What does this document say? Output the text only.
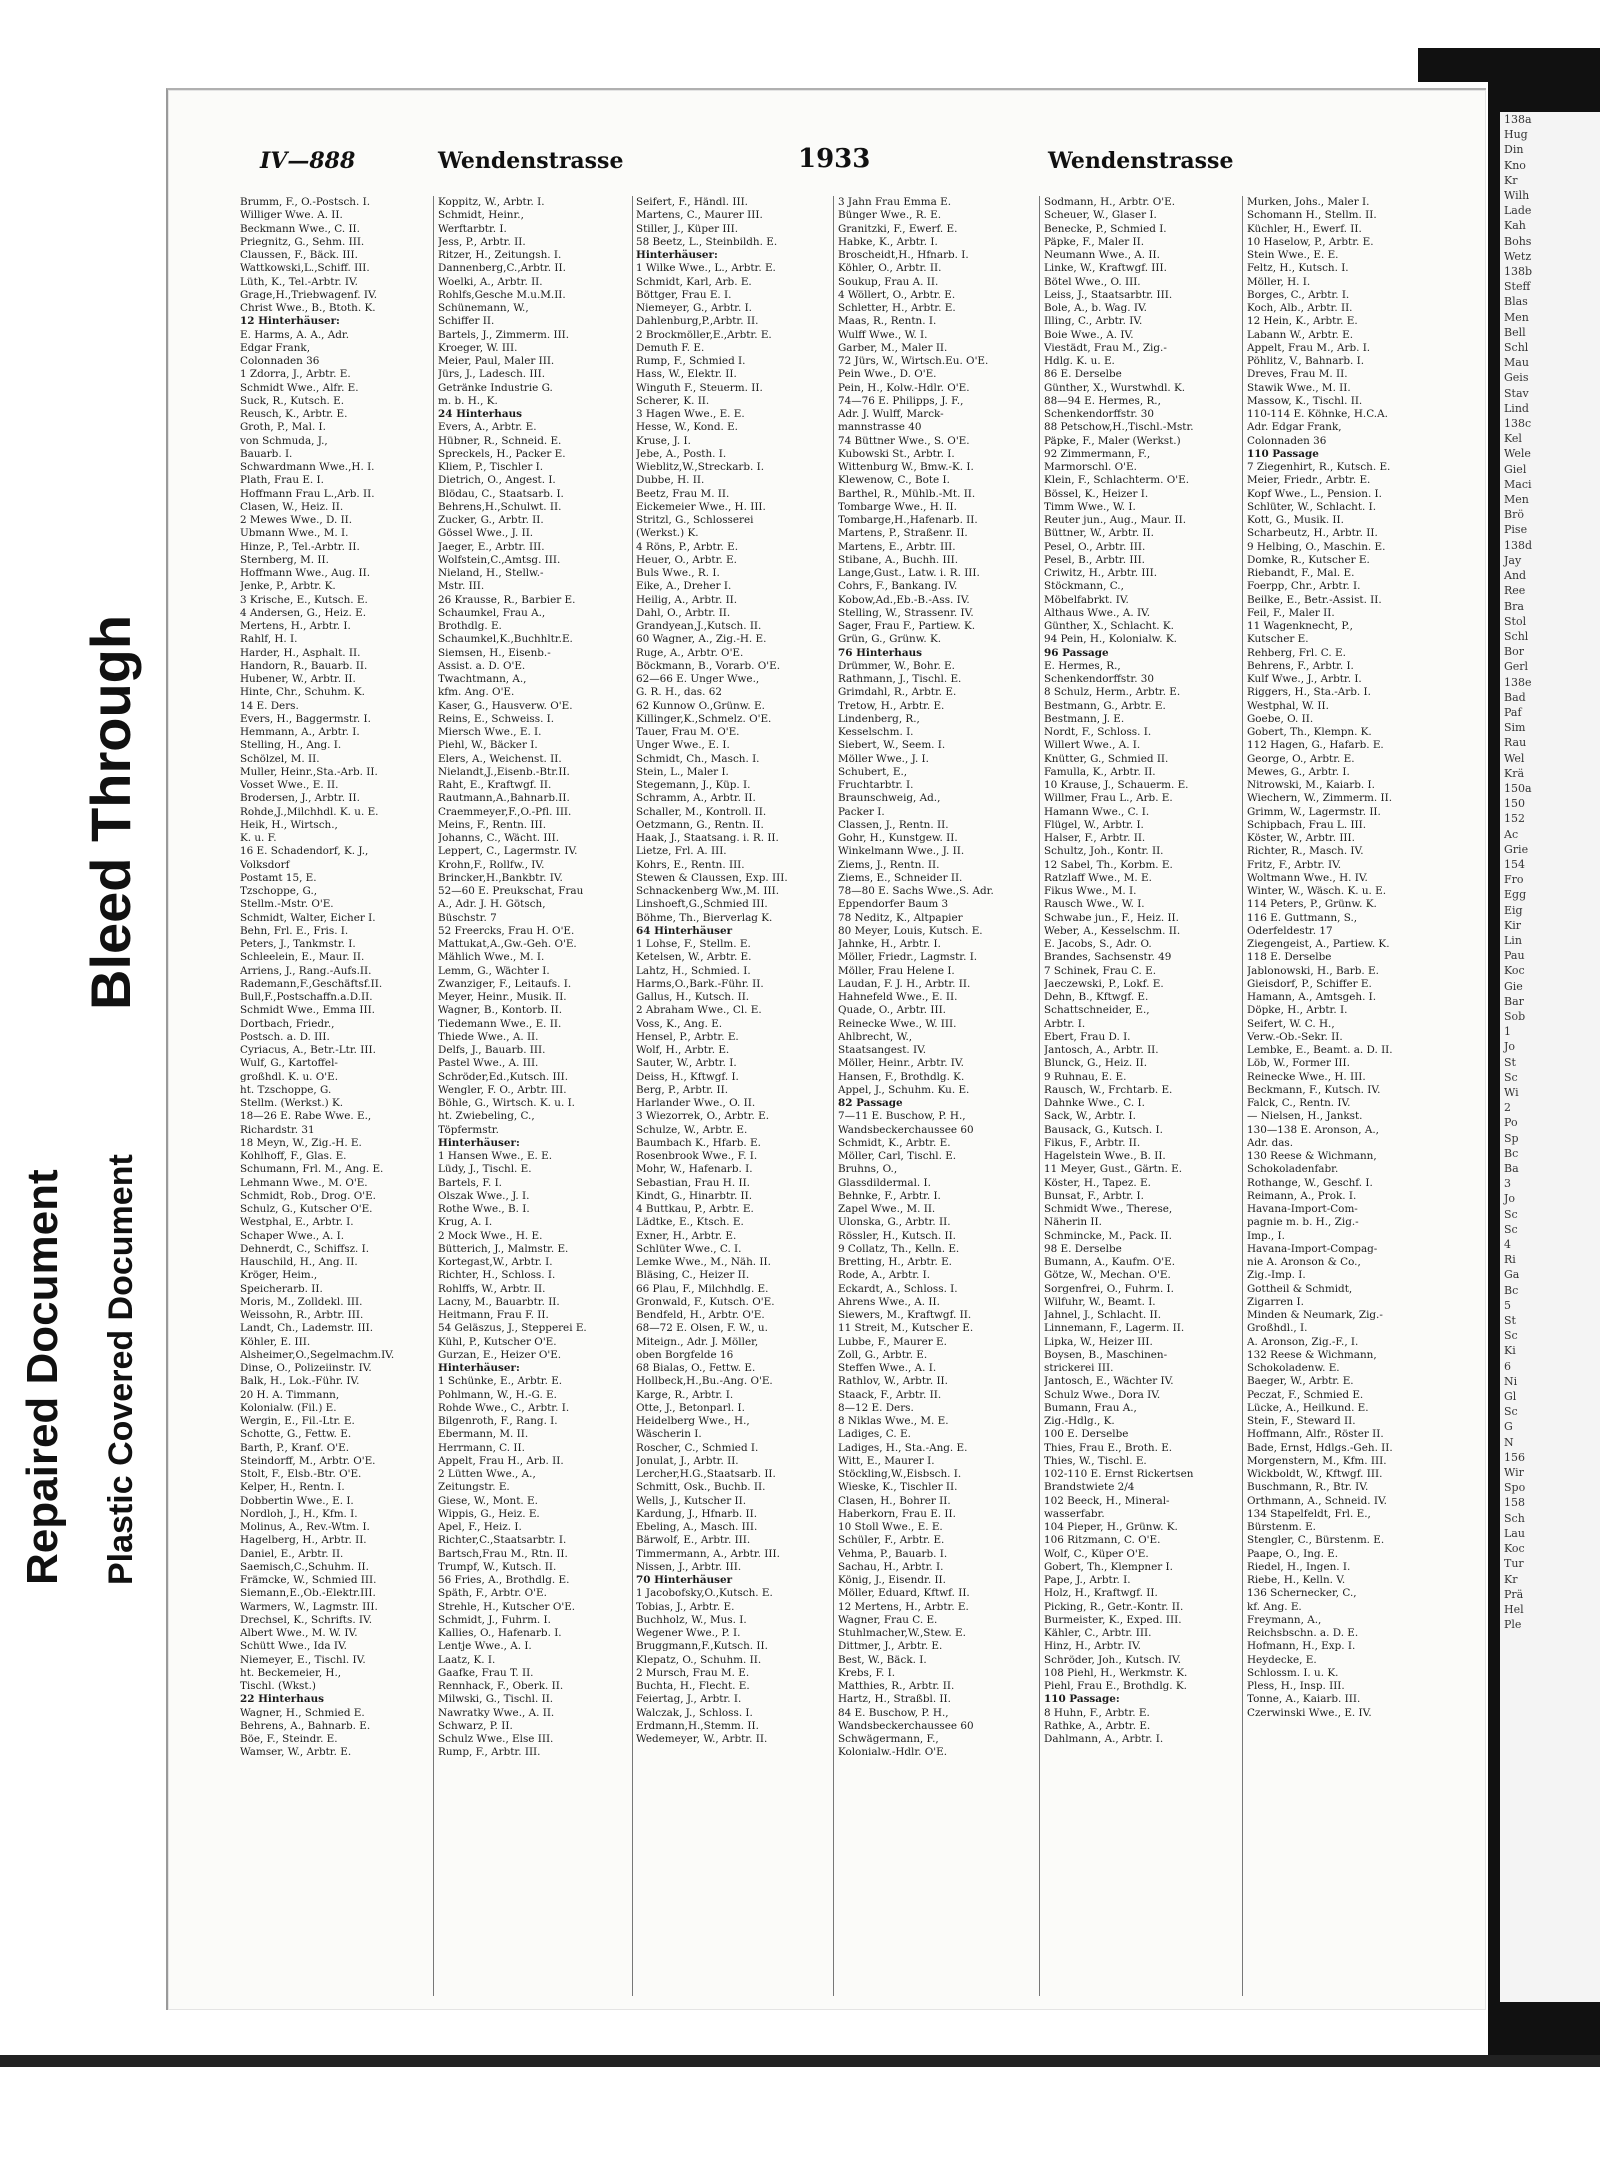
138a
Hug
Din
Kno
Kr
Wilh
Lade
Kah
Bohs
Wetz
138b
Steff
Blas
Men
Bell
Schl
Mau
Geis
Stav
Lind
138c
Kel
Wele
Giel
Maci
Men
Brö
Pise
138d
Jay
And
Ree
Bra
Stol
Schl
Bor
Gerl
138e
Bad
Paf
Sim
Rau
Wel
Krä
150a
150
152
Ac
Grie
154
Fro
Egg
Eig
Kir
Lin
Pau
Koc
Gie
Bar
Sob
1
Jo
St
Sc
Wi
2
Po
Sp
Bc
Ba
3
Jo
Sc
Sc
4
Ri
Ga
Bc
5
St
Sc
Ki
6
Ni
Gl
Sc
G
N
156
Wir
Spo
158
Sch
Lau
Koc
Tur
Kr
Prä
Hel
Ple
Bleed Through
Repaired Document Plastic Covered Document
IV—888	Wendenstrasse	1933	Wendenstrasse
Brumm, F., O.-Postsch. I.
Williger Wwe. A. II.
Beckmann Wwe., C. II.
Priegnitz, G., Sehm. III.
Claussen, F., Bäck. III.
Wattkowski,L.,Schiff. III.
Lüth, K., Tel.-Arbtr. IV.
Grage,H.,Triebwagenf. IV.
Christ Wwe., B., Btoth. K.
12 Hinterhäuser:
E. Harms, A. A., Adr.
Edgar Frank,
Colonnaden 36
1 Zdorra, J., Arbtr. E.
Schmidt Wwe., Alfr. E.
Suck, R., Kutsch. E.
Reusch, K., Arbtr. E.
Groth, P., Mal. I.
von Schmuda, J.,
Bauarb. I.
Schwardmann Wwe.,H. I.
Plath, Frau E. I.
Hoffmann Frau L.,Arb. II.
Clasen, W., Heiz. II.
2 Mewes Wwe., D. II.
Ubmann Wwe., M. I.
Hinze, P., Tel.-Arbtr. II.
Sternberg, M. II.
Hoffmann Wwe., Aug. II.
Jenke, P., Arbtr. K.
3 Krische, E., Kutsch. E.
4 Andersen, G., Heiz. E.
Mertens, H., Arbtr. I.
Rahlf, H. I.
Harder, H., Asphalt. II.
Handorn, R., Bauarb. II.
Hubener, W., Arbtr. II.
Hinte, Chr., Schuhm. K.
14 E. Ders.
Evers, H., Baggermstr. I.
Hemmann, A., Arbtr. I.
Stelling, H., Ang. I.
Schölzel, M. II.
Muller, Heinr.,Sta.-Arb. II.
Vosset Wwe., E. II.
Brodersen, J., Arbtr. II.
Rohde,J.,Milchhdl. K. u. E.
Heik, H., Wirtsch.,
K. u. F.
16 E. Schadendorf, K. J.,
Volksdorf
Postamt 15, E.
Tzschoppe, G.,
Stellm.-Mstr. O'E.
Schmidt, Walter, Eicher I.
Behn, Frl. E., Fris. I.
Peters, J., Tankmstr. I.
Schleelein, E., Maur. II.
Arriens, J., Rang.-Aufs.II.
Rademann,F.,Geschäftsf.II.
Bull,F.,Postschaffn.a.D.II.
Schmidt Wwe., Emma III.
Dortbach, Friedr.,
Postsch. a. D. III.
Cyriacus, A., Betr.-Ltr. III.
Wulf, G., Kartoffel-
großhdl. K. u. O'E.
ht. Tzschoppe, G.
Stellm. (Werkst.) K.
18—26 E. Rabe Wwe. E.,
Richardstr. 31
18 Meyn, W., Zig.-H. E.
Kohlhoff, F., Glas. E.
Schumann, Frl. M., Ang. E.
Lehmann Wwe., M. O'E.
Schmidt, Rob., Drog. O'E.
Schulz, G., Kutscher O'E.
Westphal, E., Arbtr. I.
Schaper Wwe., A. I.
Dehnerdt, C., Schiffsz. I.
Hauschild, H., Ang. II.
Kröger, Heim.,
Speicherarb. II.
Moris, M., Zolldekl. III.
Weissohn, R., Arbtr. III.
Landt, Ch., Lademstr. III.
Köhler, E. III.
Alsheimer,O.,Segelmachm.IV.
Dinse, O., Polizeiinstr. IV.
Balk, H., Lok.-Führ. IV.
20 H. A. Timmann,
Kolonialw. (Fil.) E.
Wergin, E., Fil.-Ltr. E.
Schotte, G., Fettw. E.
Barth, P., Kranf. O'E.
Steindorff, M., Arbtr. O'E.
Stolt, F., Elsb.-Btr. O'E.
Kelper, H., Rentn. I.
Dobbertin Wwe., E. I.
Nordloh, J., H., Kfm. I.
Molinus, A., Rev.-Wtm. I.
Hagelberg, H., Arbtr. II.
Daniel, E., Arbtr. II.
Saemisch,C.,Schuhm. II.
Främcke, W., Schmied III.
Siemann,E.,Ob.-Elektr.III.
Warmers, W., Lagmstr. III.
Drechsel, K., Schrifts. IV.
Albert Wwe., M. W. IV.
Schütt Wwe., Ida IV.
Niemeyer, E., Tischl. IV.
ht. Beckemeier, H.,
Tischl. (Wkst.)
22 Hinterhaus
Wagner, H., Schmied E.
Behrens, A., Bahnarb. E.
Böe, F., Steindr. E.
Wamser, W., Arbtr. E.
Koppitz, W., Arbtr. I.
Schmidt, Heinr.,
Werftarbtr. I.
Jess, P., Arbtr. II.
Ritzer, H., Zeitungsh. I.
Dannenberg,C.,Arbtr. II.
Woelki, A., Arbtr. II.
Rohlfs,Gesche M.u.M.II.
Schünemann, W.,
Schiffer II.
Bartels, J., Zimmerm. III.
Kroeger, W. III.
Meier, Paul, Maler III.
Jürs, J., Ladesch. III.
Getränke Industrie G.
m. b. H., K.
24 Hinterhaus
Evers, A., Arbtr. E.
Hübner, R., Schneid. E.
Spreckels, H., Packer E.
Kliem, P., Tischler I.
Dietrich, O., Angest. I.
Blödau, C., Staatsarb. I.
Behrens,H.,Schulwt. II.
Zucker, G., Arbtr. II.
Gössel Wwe., J. II.
Jaeger, E., Arbtr. III.
Wolfstein,C.,Amtsg. III.
Nieland, H., Stellw.-
Mstr. III.
26 Krausse, R., Barbier E.
Schaumkel, Frau A.,
Brothdlg. E.
Schaumkel,K.,Buchhltr.E.
Siemsen, H., Eisenb.-
Assist. a. D. O'E.
Twachtmann, A.,
kfm. Ang. O'E.
Kaser, G., Hausverw. O'E.
Reins, E., Schweiss. I.
Miersch Wwe., E. I.
Piehl, W., Bäcker I.
Elers, A., Weichenst. II.
Nielandt,J.,Eisenb.-Btr.II.
Raht, E., Kraftwgf. II.
Rautmann,A.,Bahnarb.II.
Craemmeyer,F.,O.-Pfl. III.
Meins, F., Rentn. III.
Johanns, C., Wächt. III.
Leppert, C., Lagermstr. IV.
Krohn,F., Rollfw., IV.
Brincker,H.,Bankbtr. IV.
52—60 E. Preukschat, Frau
A., Adr. J. H. Götsch,
Büschstr. 7
52 Freercks, Frau H. O'E.
Mattukat,A.,Gw.-Geh. O'E.
Mählich Wwe., M. I.
Lemm, G., Wächter I.
Zwanziger, F., Leitaufs. I.
Meyer, Heinr., Musik. II.
Wagner, B., Kontorb. II.
Tiedemann Wwe., E. II.
Thiede Wwe., A. II.
Delfs, J., Bauarb. III.
Pastel Wwe., A. III.
Schröder,Ed.,Kutsch. III.
Wengler, F. O., Arbtr. III.
Böhle, G., Wirtsch. K. u. I.
ht. Zwiebeling, C.,
Töpfermstr.
Hinterhäuser:
1 Hansen Wwe., E. E.
Lüdy, J., Tischl. E.
Bartels, F. I.
Olszak Wwe., J. I.
Rothe Wwe., B. I.
Krug, A. I.
2 Mock Wwe., H. E.
Bütterich, J., Malmstr. E.
Kortegast,W., Arbtr. I.
Richter, H., Schloss. I.
Rohlffs, W., Arbtr. II.
Lacny, M., Bauarbtr. II.
Heitmann, Frau F. II.
54 Geläszus, J., Stepperei E.
Kühl, P., Kutscher O'E.
Gurzan, E., Heizer O'E.
Hinterhäuser:
1 Schünke, E., Arbtr. E.
Pohlmann, W., H.-G. E.
Rohde Wwe., C., Arbtr. I.
Bilgenroth, F., Rang. I.
Ebermann, M. II.
Herrmann, C. II.
Appelt, Frau H., Arb. II.
2 Lütten Wwe., A.,
Zeitungstr. E.
Giese, W., Mont. E.
Wippis, G., Heiz. E.
Apel, F., Heiz. I.
Richter,C.,Staatsarbtr. I.
Bartsch,Frau M., Rtn. II.
Trumpf, W., Kutsch. II.
56 Fries, A., Brothdlg. E.
Späth, F., Arbtr. O'E.
Strehle, H., Kutscher O'E.
Schmidt, J., Fuhrm. I.
Kallies, O., Hafenarb. I.
Lentje Wwe., A. I.
Laatz, K. I.
Gaafke, Frau T. II.
Rennhack, F., Oberk. II.
Milwski, G., Tischl. II.
Nawratky Wwe., A. II.
Schwarz, P. II.
Schulz Wwe., Else III.
Rump, F., Arbtr. III.
Seifert, F., Händl. III.
Martens, C., Maurer III.
Stiller, J., Küper III.
58 Beetz, L., Steinbildh. E.
Hinterhäuser:
1 Wilke Wwe., L., Arbtr. E.
Schmidt, Karl, Arb. E.
Böttger, Frau E. I.
Niemeyer, G., Arbtr. I.
Dahlenburg,P.,Arbtr. II.
2 Brockmöller,E.,Arbtr. E.
Demuth F. E.
Rump, F., Schmied I.
Hass, W., Elektr. II.
Winguth F., Steuerm. II.
Scherer, K. II.
3 Hagen Wwe., E. E.
Hesse, W., Kond. E.
Kruse, J. I.
Jebe, A., Posth. I.
Wieblitz,W.,Streckarb. I.
Dubbe, H. II.
Beetz, Frau M. II.
Eickemeier Wwe., H. III.
Stritzl, G., Schlosserei
(Werkst.) K.
4 Röns, P., Arbtr. E.
Heuer, O., Arbtr. E.
Buls Wwe., R. I.
Eike, A., Dreher I.
Heilig, A., Arbtr. II.
Dahl, O., Arbtr. II.
Grandyean,J.,Kutsch. II.
60 Wagner, A., Zig.-H. E.
Ruge, A., Arbtr. O'E.
Böckmann, B., Vorarb. O'E.
62—66 E. Unger Wwe.,
G. R. H., das. 62
62 Kunnow O.,Grünw. E.
Killinger,K.,Schmelz. O'E.
Tauer, Frau M. O'E.
Unger Wwe., E. I.
Schmidt, Ch., Masch. I.
Stein, L., Maler I.
Stegemann, J., Küp. I.
Schramm, A., Arbtr. II.
Schaller, M., Kontroll. II.
Oetzmann, G., Rentn. II.
Haak, J., Staatsang. i. R. II.
Lietze, Frl. A. III.
Kohrs, E., Rentn. III.
Stewen & Claussen, Exp. III.
Schnackenberg Ww.,M. III.
Linshoeft,G.,Schmied III.
Böhme, Th., Bierverlag K.
64 Hinterhäuser
1 Lohse, F., Stellm. E.
Ketelsen, W., Arbtr. E.
Lahtz, H., Schmied. I.
Harms,O.,Bark.-Führ. II.
Gallus, H., Kutsch. II.
2 Abraham Wwe., Cl. E.
Voss, K., Ang. E.
Hensel, P., Arbtr. E.
Wolf, H., Arbtr. E.
Sauter, W., Arbtr. I.
Deiss, H., Kftwgf. I.
Berg, P., Arbtr. II.
Harlander Wwe., O. II.
3 Wiezorrek, O., Arbtr. E.
Schulze, W., Arbtr. E.
Baumbach K., Hfarb. E.
Rosenbrook Wwe., F. I.
Mohr, W., Hafenarb. I.
Sebastian, Frau H. II.
Kindt, G., Hinarbtr. II.
4 Buttkau, P., Arbtr. E.
Lädtke, E., Ktsch. E.
Exner, H., Arbtr. E.
Schlüter Wwe., C. I.
Lemke Wwe., M., Näh. II.
Bläsing, C., Heizer II.
66 Plau, F., Milchhdlg. E.
Gronwald, F., Kutsch. O'E.
Bendfeld, H., Arbtr. O'E.
68—72 E. Olsen, F. W., u.
Miteign., Adr. J. Möller,
oben Borgfelde 16
68 Bialas, O., Fettw. E.
Hollbeck,H.,Bu.-Ang. O'E.
Karge, R., Arbtr. I.
Otte, J., Betonparl. I.
Heidelberg Wwe., H.,
Wäscherin I.
Roscher, C., Schmied I.
Jonulat, J., Arbtr. II.
Lercher,H.G.,Staatsarb. II.
Schmitt, Osk., Buchb. II.
Wells, J., Kutscher II.
Kardung, J., Hfnarb. II.
Ebeling, A., Masch. III.
Bärwolf, E., Arbtr. III.
Timmermann, A., Arbtr. III.
Nissen, J., Arbtr. III.
70 Hinterhäuser
1 Jacobofsky,O.,Kutsch. E.
Tobias, J., Arbtr. E.
Buchholz, W., Mus. I.
Wegener Wwe., P. I.
Bruggmann,F.,Kutsch. II.
Klepatz, O., Schuhm. II.
2 Mursch, Frau M. E.
Buchta, H., Flecht. E.
Feiertag, J., Arbtr. I.
Walczak, J., Schloss. I.
Erdmann,H.,Stemm. II.
Wedemeyer, W., Arbtr. II.
3 Jahn Frau Emma E.
Bünger Wwe., R. E.
Granitzki, F., Ewerf. E.
Habke, K., Arbtr. I.
Broscheidt,H., Hfnarb. I.
Köhler, O., Arbtr. II.
Soukup, Frau A. II.
4 Wöllert, O., Arbtr. E.
Schletter, H., Arbtr. E.
Maas, R., Rentn. I.
Wulff Wwe., W. I.
Garber, M., Maler II.
72 Jürs, W., Wirtsch.Eu. O'E.
Pein Wwe., D. O'E.
Pein, H., Kolw.-Hdlr. O'E.
74—76 E. Philipps, J. F.,
Adr. J. Wulff, Marck-
mannstrasse 40
74 Büttner Wwe., S. O'E.
Kubowski St., Arbtr. I.
Wittenburg W., Bmw.-K. I.
Klewenow, C., Bote I.
Barthel, R., Mühlb.-Mt. II.
Tombarge Wwe., H. II.
Tombarge,H.,Hafenarb. II.
Martens, P., Straßenr. II.
Martens, E., Arbtr. III.
Stibane, A., Buchh. III.
Lange,Gust., Latw. i. R. III.
Cohrs, F., Bankang. IV.
Kobow,Ad.,Eb.-B.-Ass. IV.
Stelling, W., Strassenr. IV.
Sager, Frau F., Partiew. K.
Grün, G., Grünw. K.
76 Hinterhaus
Drümmer, W., Bohr. E.
Rathmann, J., Tischl. E.
Grimdahl, R., Arbtr. E.
Tretow, H., Arbtr. E.
Lindenberg, R.,
Kesselschm. I.
Siebert, W., Seem. I.
Möller Wwe., J. I.
Schubert, E.,
Fruchtarbtr. I.
Braunschweig, Ad.,
Packer I.
Classen, J., Rentn. II.
Gohr, H., Kunstgew. II.
Winkelmann Wwe., J. II.
Ziems, J., Rentn. II.
Ziems, E., Schneider II.
78—80 E. Sachs Wwe.,S. Adr.
Eppendorfer Baum 3
78 Neditz, K., Altpapier
80 Meyer, Louis, Kutsch. E.
Jahnke, H., Arbtr. I.
Möller, Friedr., Lagmstr. I.
Möller, Frau Helene I.
Laudan, F. J. H., Arbtr. II.
Hahnefeld Wwe., E. II.
Quade, O., Arbtr. III.
Reinecke Wwe., W. III.
Ahlbrecht, W.,
Staatsangest. IV.
Möller, Heinr., Arbtr. IV.
Hansen, F., Brothdlg. K.
Appel, J., Schuhm. Ku. E.
82 Passage
7—11 E. Buschow, P. H.,
Wandsbeckerchaussee 60
Schmidt, K., Arbtr. E.
Möller, Carl, Tischl. E.
Bruhns, O.,
Glassdildermal. I.
Behnke, F., Arbtr. I.
Zapel Wwe., M. II.
Ulonska, G., Arbtr. II.
Rössler, H., Kutsch. II.
9 Collatz, Th., Kelln. E.
Bretting, H., Arbtr. E.
Rode, A., Arbtr. I.
Eckardt, A., Schloss. I.
Ahrens Wwe., A. II.
Siewers, M., Kraftwgf. II.
11 Streit, M., Kutscher E.
Lubbe, F., Maurer E.
Zoll, G., Arbtr. E.
Steffen Wwe., A. I.
Rathlov, W., Arbtr. II.
Staack, F., Arbtr. II.
8—12 E. Ders.
8 Niklas Wwe., M. E.
Ladiges, C. E.
Ladiges, H., Sta.-Ang. E.
Witt, E., Maurer I.
Stöckling,W.,Eisbsch. I.
Wieske, K., Tischler II.
Clasen, H., Bohrer II.
Haberkorn, Frau E. II.
10 Stoll Wwe., E. E.
Schüler, F., Arbtr. E.
Vehma, P., Bauarb. I.
Sachau, H., Arbtr. I.
König, J., Eisendr. II.
Möller, Eduard, Kftwf. II.
12 Mertens, H., Arbtr. E.
Wagner, Frau C. E.
Stuhlmacher,W.,Stew. E.
Dittmer, J., Arbtr. E.
Best, W., Bäck. I.
Krebs, F. I.
Matthies, R., Arbtr. II.
Hartz, H., Straßbl. II.
84 E. Buschow, P. H.,
Wandsbeckerchaussee 60
Schwägermann, F.,
Kolonialw.-Hdlr. O'E.
Sodmann, H., Arbtr. O'E.
Scheuer, W., Glaser I.
Benecke, P., Schmied I.
Päpke, F., Maler II.
Neumann Wwe., A. II.
Linke, W., Kraftwgf. III.
Bötel Wwe., O. III.
Leiss, J., Staatsarbtr. III.
Bole, A., b. Wag. IV.
Illing, C., Arbtr. IV.
Boie Wwe., A. IV.
Viestädt, Frau M., Zig.-
Hdlg. K. u. E.
86 E. Derselbe
Günther, X., Wurstwhdl. K.
88—94 E. Hermes, R.,
Schenkendorffstr. 30
88 Petschow,H.,Tischl.-Mstr.
Päpke, F., Maler (Werkst.)
92 Zimmermann, F.,
Marmorschl. O'E.
Klein, F., Schlachterm. O'E.
Bössel, K., Heizer I.
Timm Wwe., W. I.
Reuter jun., Aug., Maur. II.
Büttner, W., Arbtr. II.
Pesel, O., Arbtr. III.
Pesel, B., Arbtr. III.
Criwitz, H., Arbtr. III.
Stöckmann, C.,
Möbelfabrkt. IV.
Althaus Wwe., A. IV.
Günther, X., Schlacht. K.
94 Pein, H., Kolonialw. K.
96 Passage
E. Hermes, R.,
Schenkendorffstr. 30
8 Schulz, Herm., Arbtr. E.
Bestmann, G., Arbtr. E.
Bestmann, J. E.
Nordt, F., Schloss. I.
Willert Wwe., A. I.
Knütter, G., Schmied II.
Famulla, K., Arbtr. II.
10 Krause, J., Schauerm. E.
Willmer, Frau L., Arb. E.
Hamann Wwe., C. I.
Flügel, W., Arbtr. I.
Halser, F., Arbtr. II.
Schultz, Joh., Kontr. II.
12 Sabel, Th., Korbm. E.
Ratzlaff Wwe., M. E.
Fikus Wwe., M. I.
Rausch Wwe., W. I.
Schwabe jun., F., Heiz. II.
Weber, A., Kesselschm. II.
E. Jacobs, S., Adr. O.
Brandes, Sachsenstr. 49
7 Schinek, Frau C. E.
Jaeczewski, P., Lokf. E.
Dehn, B., Kftwgf. E.
Schattschneider, E.,
Arbtr. I.
Ebert, Frau D. I.
Jantosch, A., Arbtr. II.
Blunck, G., Heiz. II.
9 Ruhnau, E. E.
Rausch, W., Frchtarb. E.
Dahnke Wwe., C. I.
Sack, W., Arbtr. I.
Bausack, G., Kutsch. I.
Fikus, F., Arbtr. II.
Hagelstein Wwe., B. II.
11 Meyer, Gust., Gärtn. E.
Köster, H., Tapez. E.
Bunsat, F., Arbtr. I.
Schmidt Wwe., Therese,
Näherin II.
Schmincke, M., Pack. II.
98 E. Derselbe
Bumann, A., Kaufm. O'E.
Götze, W., Mechan. O'E.
Sorgenfrei, O., Fuhrm. I.
Wilfuhr, W., Beamt. I.
Jahnel, J., Schlacht. II.
Linnemann, F., Lagerm. II.
Lipka, W., Heizer III.
Boysen, B., Maschinen-
strickerei III.
Jantosch, E., Wächter IV.
Schulz Wwe., Dora IV.
Bumann, Frau A.,
Zig.-Hdlg., K.
100 E. Derselbe
Thies, Frau E., Broth. E.
Thies, W., Tischl. E.
102-110 E. Ernst Rickertsen
Brandstwiete 2/4
102 Beeck, H., Mineral-
wasserfabr.
104 Pieper, H., Grünw. K.
106 Ritzmann, C. O'E.
Wolf, C., Küper O'E.
Gobert, Th., Klempner I.
Pape, J., Arbtr. I.
Holz, H., Kraftwgf. II.
Picking, R., Getr.-Kontr. II.
Burmeister, K., Exped. III.
Kähler, C., Arbtr. III.
Hinz, H., Arbtr. IV.
Schröder, Joh., Kutsch. IV.
108 Piehl, H., Werkmstr. K.
Piehl, Frau E., Brothdlg. K.
110 Passage:
8 Huhn, F., Arbtr. E.
Rathke, A., Arbtr. E.
Dahlmann, A., Arbtr. I.
Murken, Johs., Maler I.
Schomann H., Stellm. II.
Küchler, H., Ewerf. II.
10 Haselow, P., Arbtr. E.
Stein Wwe., E. E.
Feltz, H., Kutsch. I.
Möller, H. I.
Borges, C., Arbtr. I.
Koch, Alb., Arbtr. II.
12 Hein, K., Arbtr. E.
Labann W., Arbtr. E.
Appelt, Frau M., Arb. I.
Pöhlitz, V., Bahnarb. I.
Dreves, Frau M. II.
Stawik Wwe., M. II.
Massow, K., Tischl. II.
110-114 E. Köhnke, H.C.A.
Adr. Edgar Frank,
Colonnaden 36
110 Passage
7 Ziegenhirt, R., Kutsch. E.
Meier, Friedr., Arbtr. E.
Kopf Wwe., L., Pension. I.
Schlüter, W., Schlacht. I.
Kott, G., Musik. II.
Scharbeutz, H., Arbtr. II.
9 Helbing, O., Maschin. E.
Domke, R., Kutscher E.
Riebandt, F., Mal. E.
Foerpp, Chr., Arbtr. I.
Beilke, E., Betr.-Assist. II.
Feil, F., Maler II.
11 Wagenknecht, P.,
Kutscher E.
Rehberg, Frl. C. E.
Behrens, F., Arbtr. I.
Kulf Wwe., J., Arbtr. I.
Riggers, H., Sta.-Arb. I.
Westphal, W. II.
Goebe, O. II.
Gobert, Th., Klempn. K.
112 Hagen, G., Hafarb. E.
George, O., Arbtr. E.
Mewes, G., Arbtr. I.
Nitrowski, M., Kaiarb. I.
Wiechern, W., Zimmerm. II.
Grimm, W., Lagermstr. II.
Schipbach, Frau L. III.
Köster, W., Arbtr. III.
Richter, R., Masch. IV.
Fritz, F., Arbtr. IV.
Woltmann Wwe., H. IV.
Winter, W., Wäsch. K. u. E.
114 Peters, P., Grünw. K.
116 E. Guttmann, S.,
Oderfeldestr. 17
Ziegengeist, A., Partiew. K.
118 E. Derselbe
Jablonowski, H., Barb. E.
Gieisdorf, P., Schiffer E.
Hamann, A., Amtsgeh. I.
Döpke, H., Arbtr. I.
Seifert, W. C. H.,
Verw.-Ob.-Sekr. II.
Lembke, E., Beamt. a. D. II.
Löb, W., Former III.
Reinecke Wwe., H. III.
Beckmann, F., Kutsch. IV.
Falck, C., Rentn. IV.
— Nielsen, H., Jankst.
130—138 E. Aronson, A.,
Adr. das.
130 Reese & Wichmann,
Schokoladenfabr.
Rothange, W., Geschf. I.
Reimann, A., Prok. I.
Havana-Import-Com-
pagnie m. b. H., Zig.-
Imp., I.
Havana-Import-Compag-
nie A. Aronson & Co.,
Zig.-Imp. I.
Gottheil & Schmidt,
Zigarren I.
Minden & Neumark, Zig.-
Großhdl., I.
A. Aronson, Zig.-F., I.
132 Reese & Wichmann,
Schokoladenw. E.
Baeger, W., Arbtr. E.
Peczat, F., Schmied E.
Lücke, A., Heilkund. E.
Stein, F., Steward II.
Hoffmann, Alfr., Röster II.
Bade, Ernst, Hdlgs.-Geh. II.
Morgenstern, M., Kfm. III.
Wickboldt, W., Kftwgf. III.
Buschmann, R., Btr. IV.
Orthmann, A., Schneid. IV.
134 Stapelfeldt, Frl. E.,
Bürstenm. E.
Stengler, C., Bürstenm. E.
Paape, O., Ing. E.
Riedel, H., Ingen. I.
Riebe, H., Kelln. V.
136 Schernecker, C.,
kf. Ang. E.
Freymann, A.,
Reichsbschn. a. D. E.
Hofmann, H., Exp. I.
Heydecke, E.
Schlossm. I. u. K.
Pless, H., Insp. III.
Tonne, A., Kaiarb. III.
Czerwinski Wwe., E. IV.
